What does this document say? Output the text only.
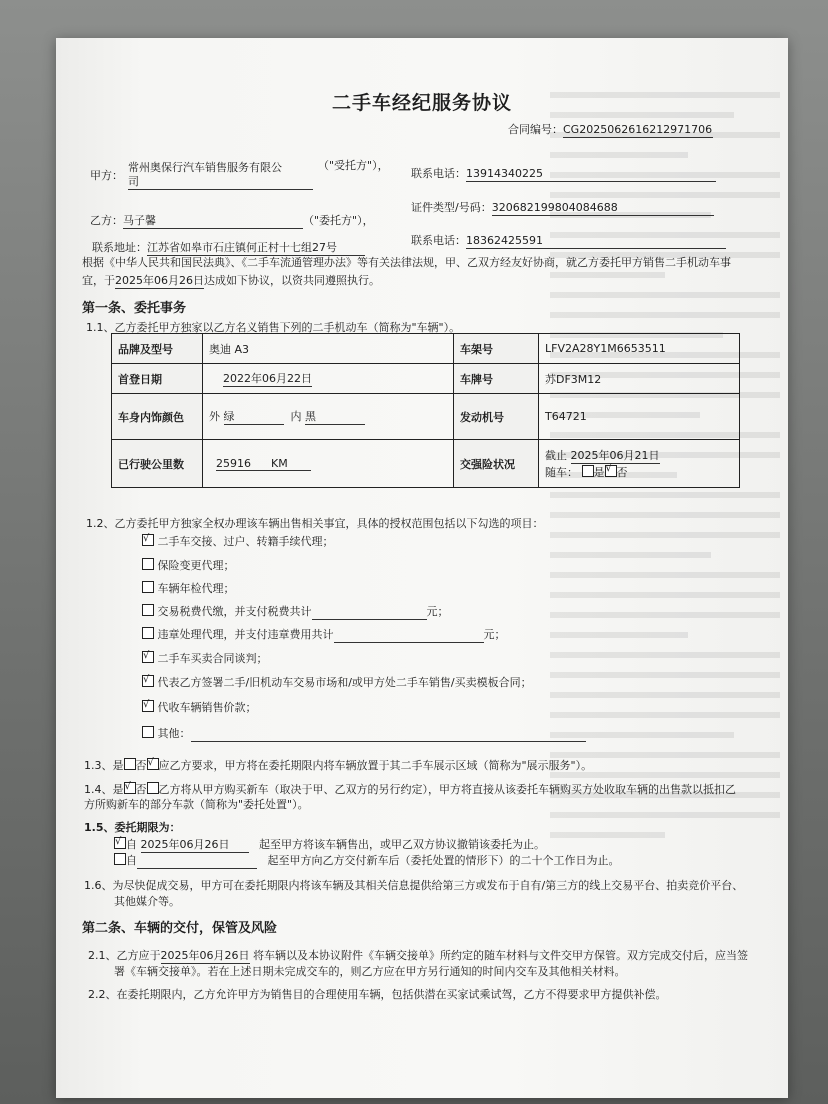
二手车经纪服务协议
合同编号：CG2025062616212971706
甲方：
常州奥保行汽车销售服务有限公
司
（"受托方"），
联系电话：13914340225
乙方：马子馨	（"委托方"），
证件类型/号码：320682199804084688
联系地址：江苏省如皋市石庄镇何正村十七组27号
联系电话：18362425591
根据《中华人民共和国民法典》、《二手车流通管理办法》等有关法律法规，甲、乙双方经友好协商，就乙方委托甲方销售二手机动车事
宜，于2025年06月26日达成如下协议，以资共同遵照执行。
第一条、委托事务
1.1、乙方委托甲方独家以乙方名义销售下列的二手机动车（简称为"车辆"）。
品牌及型号	奥迪 A3	车架号	LFV2A28Y1M6653511
首登日期	2022年06月22日	车牌号	苏DF3M12
车身内饰颜色	外 绿 内 黑	发动机号	T64721
已行驶公里数	25916 KM	交强险状况	截止 2025年06月21日
随车： 是 √ 否
1.2、乙方委托甲方独家全权办理该车辆出售相关事宜，具体的授权范围包括以下勾选的项目：
√ 二手车交接、过户、转籍手续代理；
保险变更代理；
车辆年检代理；
交易税费代缴，并支付税费共计	元；
违章处理代理，并支付违章费用共计	元；
√ 二手车买卖合同谈判；
√ 代表乙方签署二手/旧机动车交易市场和/或甲方处二手车销售/买卖模板合同；
√ 代收车辆销售价款；
其他：
1.3、是 否 √ 应乙方要求，甲方将在委托期限内将车辆放置于其二手车展示区域（简称为"展示服务"）。
1.4、是 √ 否 乙方将从甲方购买新车（取决于甲、乙双方的另行约定），甲方将直接从该委托车辆购买方处收取车辆的出售款以抵扣乙
方所购新车的部分车款（简称为"委托处置"）。
1.5、委托期限为：
√自 2025年06月26日	起至甲方将该车辆售出，或甲乙双方协议撤销该委托为止。
自	起至甲方向乙方交付新车后（委托处置的情形下）的二十个工作日为止。
1.6、为尽快促成交易，甲方可在委托期限内将该车辆及其相关信息提供给第三方或发布于自有/第三方的线上交易平台、拍卖竞价平台、
其他媒介等。
第二条、车辆的交付，保管及风险
2.1、乙方应于2025年06月26日 将车辆以及本协议附件《车辆交接单》所约定的随车材料与文件交甲方保管。双方完成交付后，应当签
署《车辆交接单》。若在上述日期未完成交车的，则乙方应在甲方另行通知的时间内交车及其他相关材料。
2.2、在委托期限内，乙方允许甲方为销售目的合理使用车辆，包括供潜在买家试乘试驾，乙方不得要求甲方提供补偿。
